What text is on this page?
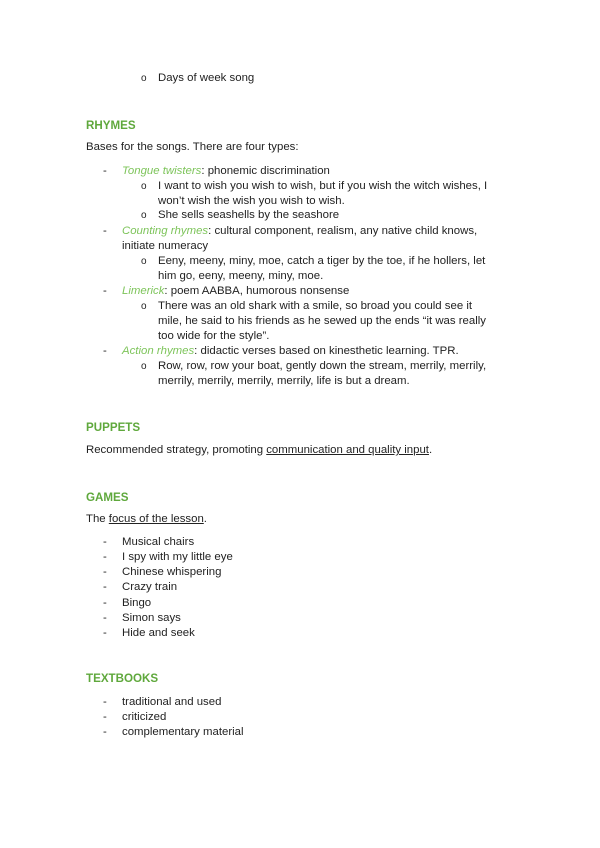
o Days of week song
RHYMES
Bases for the songs. There are four types:
- Tongue twisters: phonemic discrimination
o I want to wish you wish to wish, but if you wish the witch wishes, I
won’t wish the wish you wish to wish.
o She sells seashells by the seashore
- Counting rhymes: cultural component, realism, any native child knows,
initiate numeracy
o Eeny, meeny, miny, moe, catch a tiger by the toe, if he hollers, let
him go, eeny, meeny, miny, moe.
- Limerick: poem AABBA, humorous nonsense
o There was an old shark with a smile, so broad you could see it
mile, he said to his friends as he sewed up the ends “it was really
too wide for the style”.
- Action rhymes: didactic verses based on kinesthetic learning. TPR.
o Row, row, row your boat, gently down the stream, merrily, merrily,
merrily, merrily, merrily, merrily, life is but a dream.
PUPPETS
Recommended strategy, promoting communication and quality input.
GAMES
The focus of the lesson.
- Musical chairs
- I spy with my little eye
- Chinese whispering
- Crazy train
- Bingo
- Simon says
- Hide and seek
TEXTBOOKS
- traditional and used
- criticized
- complementary material
